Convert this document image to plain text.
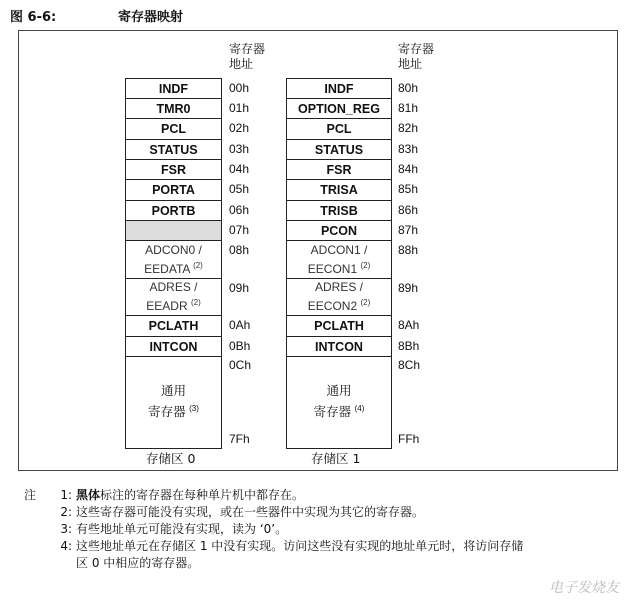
图 6-6:	寄存器映射
寄存器
地址
寄存器
地址
INDF
TMR0
PCL
STATUS
FSR
PORTA
PORTB
ADCON0 /
EEDATA $^{(2)}$
ADRES /
EEADR $^{(2)}$
PCLATH
INTCON
通用
寄存器 $^{(3)}$
00h
01h
02h
03h
04h
05h
06h
07h
08h
09h
0Ah
0Bh
0Ch
7Fh
INDF
OPTION_REG
PCL
STATUS
FSR
TRISA
TRISB
PCON
ADCON1 /
EECON1 $^{(2)}$
ADRES /
EECON2 $^{(2)}$
PCLATH
INTCON
通用
寄存器 $^{(4)}$
80h
81h
82h
83h
84h
85h
86h
87h
88h
89h
8Ah
8Bh
8Ch
FFh
存储区 0	存储区 1
注 1: 黑体标注的寄存器在每种单片机中都存在。
2: 这些寄存器可能没有实现，或在一些器件中实现为其它的寄存器。
3: 有些地址单元可能没有实现，读为 ‘0’。
4: 这些地址单元在存储区 1 中没有实现。访问这些没有实现的地址单元时，将访问存储
区 0 中相应的寄存器。
电子发烧友
